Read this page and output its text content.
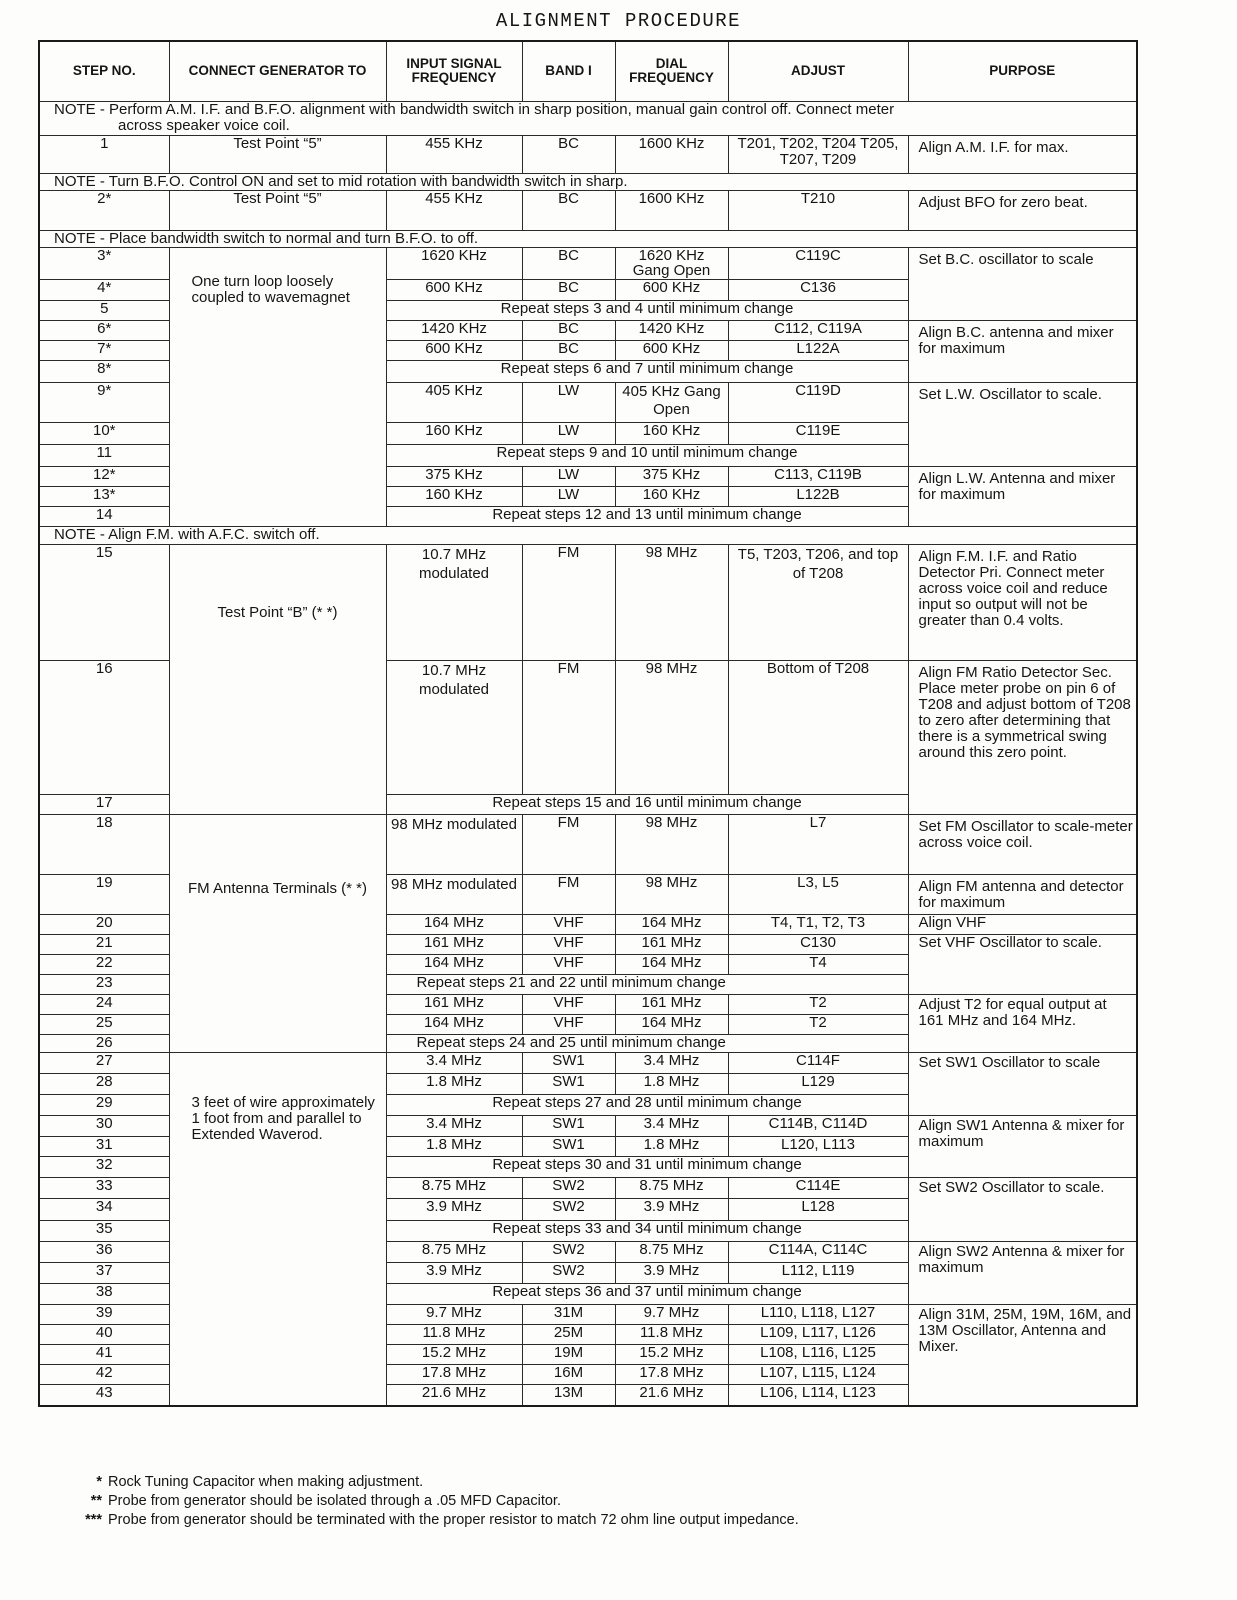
ALIGNMENT PROCEDURE
STEP NO.	CONNECT GENERATOR TO	INPUT SIGNAL FREQUENCY	BAND I	DIAL FREQUENCY	ADJUST	PURPOSE
NOTE - Perform A.M. I.F. and B.F.O. alignment with bandwidth switch in sharp position, manual gain control off. Connect meter
across speaker voice coil.						

1	Test Point “5”	455 KHz	BC	1600 KHz	T201, T202, T204 T205, T207, T209	Align A.M. I.F. for max.
NOTE - Turn B.F.O. Control ON and set to mid rotation with bandwidth switch in sharp.						
2*	Test Point “5”	455 KHz	BC	1600 KHz	T210	Adjust BFO for zero beat.
NOTE - Place bandwidth switch to normal and turn B.F.O. to off.						
3*	One turn loop loosely coupled to wavemagnet	1620 KHz	BC	1620 KHz Gang Open	C119C	Set B.C. oscillator to scale
4*		600 KHz	BC	600 KHz	C136	
5		Repeat steps 3 and 4 until minimum change				
6*		1420 KHz	BC	1420 KHz	C112, C119A	Align B.C. antenna and mixer for maximum
7*		600 KHz	BC	600 KHz	L122A	
8*		Repeat steps 6 and 7 until minimum change				
9*		405 KHz	LW	405 KHz Gang Open	C119D	Set L.W. Oscillator to scale.
10*		160 KHz	LW	160 KHz	C119E	
11		Repeat steps 9 and 10 until minimum change				
12*		375 KHz	LW	375 KHz	C113, C119B	Align L.W. Antenna and mixer for maximum
13*		160 KHz	LW	160 KHz	L122B	
14		Repeat steps 12 and 13 until minimum change				
NOTE - Align F.M. with A.F.C. switch off.						
15	Test Point “B” (* *)	10.7 MHz modulated	FM	98 MHz	T5, T203, T206, and top of T208	Align F.M. I.F. and Ratio Detector Pri. Connect meter across voice coil and reduce input so output will not be greater than 0.4 volts.
16		10.7 MHz modulated	FM	98 MHz	Bottom of T208	Align FM Ratio Detector Sec. Place meter probe on pin 6 of T208 and adjust bottom of T208 to zero after determining that there is a symmetrical swing around this zero point.
17		Repeat steps 15 and 16 until minimum change				
18	FM Antenna Terminals (* *)	98 MHz modulated	FM	98 MHz	L7	Set FM Oscillator to scale-meter across voice coil.
19		98 MHz modulated	FM	98 MHz	L3, L5	Align FM antenna and detector for maximum
20		164 MHz	VHF	164 MHz	T4, T1, T2, T3	Align VHF
21		161 MHz	VHF	161 MHz	C130	Set VHF Oscillator to scale.
22		164 MHz	VHF	164 MHz	T4	
23		Repeat steps 21 and 22 until minimum change				
24		161 MHz	VHF	161 MHz	T2	Adjust T2 for equal output at 161 MHz and 164 MHz.
25		164 MHz	VHF	164 MHz	T2	
26		Repeat steps 24 and 25 until minimum change				
27	3 feet of wire approximately 1 foot from and parallel to Extended Waverod.	3.4 MHz	SW1	3.4 MHz	C114F	Set SW1 Oscillator to scale
28		1.8 MHz	SW1	1.8 MHz	L129	
29		Repeat steps 27 and 28 until minimum change				
30		3.4 MHz	SW1	3.4 MHz	C114B, C114D	Align SW1 Antenna & mixer for maximum
31		1.8 MHz	SW1	1.8 MHz	L120, L113	
32		Repeat steps 30 and 31 until minimum change				
33		8.75 MHz	SW2	8.75 MHz	C114E	Set SW2 Oscillator to scale.
34		3.9 MHz	SW2	3.9 MHz	L128	
35		Repeat steps 33 and 34 until minimum change				
36		8.75 MHz	SW2	8.75 MHz	C114A, C114C	Align SW2 Antenna & mixer for maximum
37		3.9 MHz	SW2	3.9 MHz	L112, L119	
38		Repeat steps 36 and 37 until minimum change				
39		9.7 MHz	31M	9.7 MHz	L110, L118, L127	Align 31M, 25M, 19M, 16M, and 13M Oscillator, Antenna and Mixer.
40		11.8 MHz	25M	11.8 MHz	L109, L117, L126	
41		15.2 MHz	19M	15.2 MHz	L108, L116, L125	
42		17.8 MHz	16M	17.8 MHz	L107, L115, L124	
43		21.6 MHz	13M	21.6 MHz	L106, L114, L123	
* Rock Tuning Capacitor when making adjustment.
** Probe from generator should be isolated through a .05 MFD Capacitor.
*** Probe from generator should be terminated with the proper resistor to match 72 ohm line output impedance.
